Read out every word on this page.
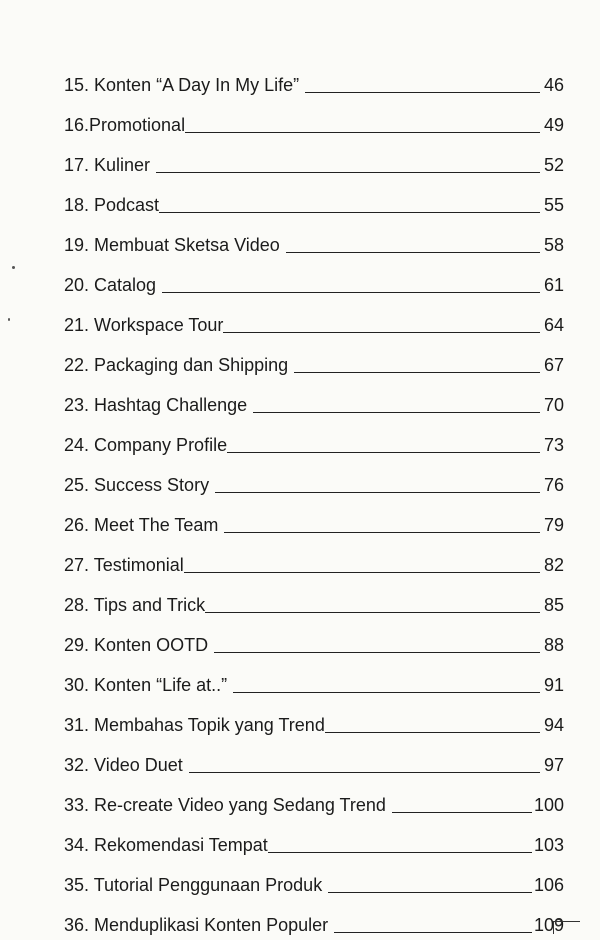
15. Konten “A Day In My Life”	46
16.Promotional	49
17. Kuliner	52
18. Podcast	55
19. Membuat Sketsa Video	58
20. Catalog	61
21. Workspace Tour	64
22. Packaging dan Shipping	67
23. Hashtag Challenge	70
24. Company Profile	73
25. Success Story	76
26. Meet The Team	79
27. Testimonial	82
28. Tips and Trick	85
29. Konten OOTD	88
30. Konten “Life at..”	91
31. Membahas Topik yang Trend	94
32. Video Duet	97
33. Re-create Video yang Sedang Trend	100
34. Rekomendasi Tempat	103
35. Tutorial Penggunaan Produk	106
36. Menduplikasi Konten Populer	109
